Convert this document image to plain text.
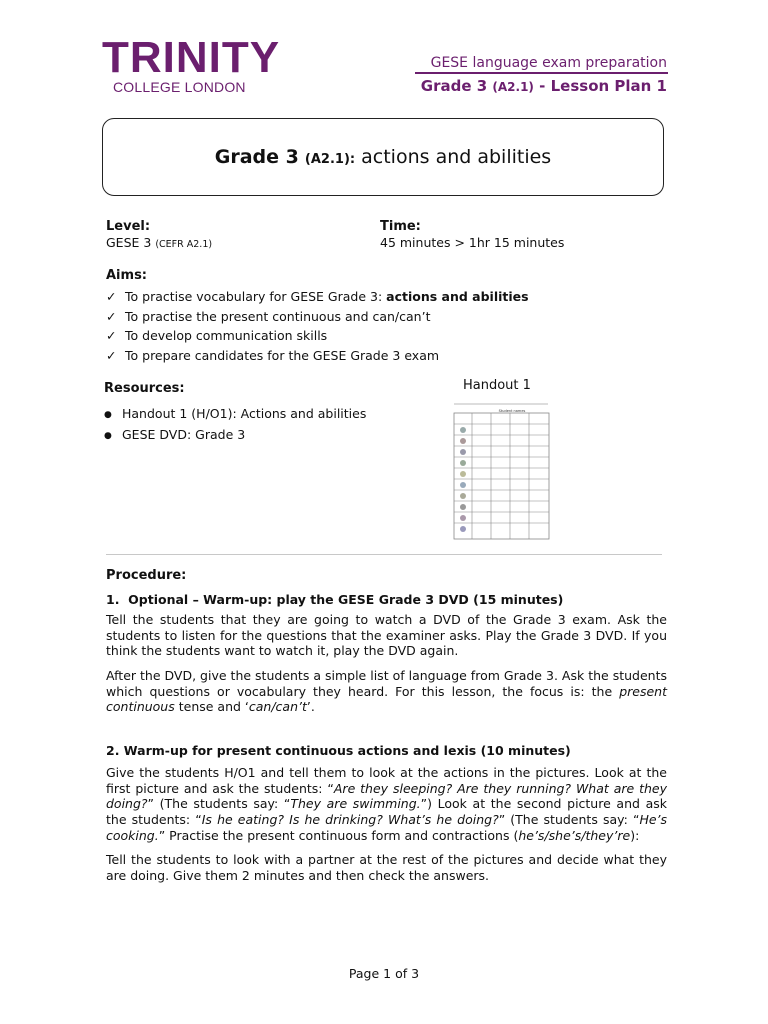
TRINITY
COLLEGE LONDON
GESE language exam preparation
Grade 3 (A2.1) - Lesson Plan 1
Grade 3 (A2.1): actions and abilities
Level:
GESE 3 (CEFR A2.1)
Time:
45 minutes > 1hr 15 minutes
Aims:
✓ To practise vocabulary for GESE Grade 3: actions and abilities
✓ To practise the present continuous and can/can’t
✓ To develop communication skills
✓ To prepare candidates for the GESE Grade 3 exam
Resources:
● Handout 1 (H/O1): Actions and abilities
● GESE DVD: Grade 3
Handout 1
Student names
Procedure:
1. Optional – Warm-up: play the GESE Grade 3 DVD (15 minutes)

Tell the students that they are going to watch a DVD of the Grade 3 exam. Ask the students to listen for the questions that the examiner asks. Play the Grade 3 DVD. If you think the students want to watch it, play the DVD again.

After the DVD, give the students a simple list of language from Grade 3. Ask the students which questions or vocabulary they heard. For this lesson, the focus is: the present continuous tense and ‘can/can’t’.

2. Warm-up for present continuous actions and lexis (10 minutes)

Give the students H/O1 and tell them to look at the actions in the pictures. Look at the first picture and ask the students: “Are they sleeping? Are they running? What are they doing?” (The students say: “They are swimming.”) Look at the second picture and ask the students: “Is he eating? Is he drinking? What’s he doing?” (The students say: “He’s cooking.” Practise the present continuous form and contractions (he’s/she’s/they’re):

Tell the students to look with a partner at the rest of the pictures and decide what they are doing. Give them 2 minutes and then check the answers.

Page 1 of 3
